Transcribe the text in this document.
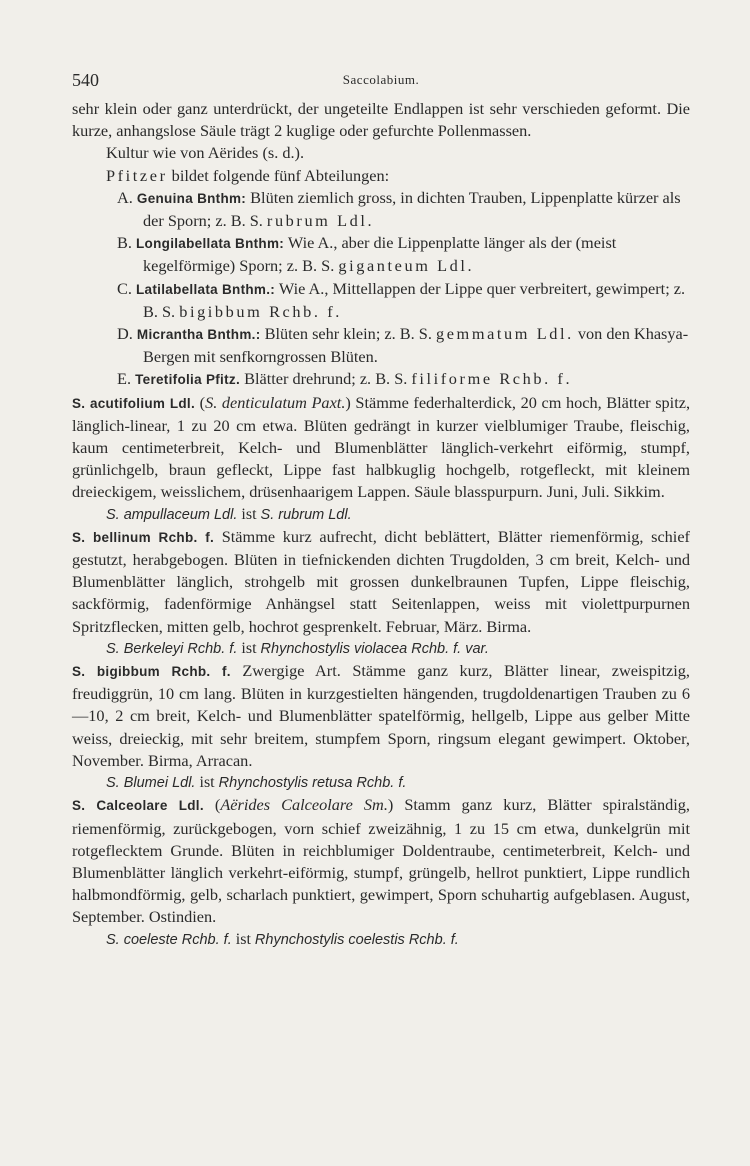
540	Saccolabium.
sehr klein oder ganz unterdrückt, der ungeteilte Endlappen ist sehr verschieden geformt. Die kurze, anhangslose Säule trägt 2 kuglige oder gefurchte Pollenmassen.
Kultur wie von Aërides (s. d.).
Pfitzer bildet folgende fünf Abteilungen:
A. Genuina Bnthm: Blüten ziemlich gross, in dichten Trauben, Lippenplatte kürzer als der Sporn; z. B. S. rubrum Ldl.
B. Longilabellata Bnthm: Wie A., aber die Lippenplatte länger als der (meist kegelförmige) Sporn; z. B. S. giganteum Ldl.
C. Latilabellata Bnthm.: Wie A., Mittellappen der Lippe quer verbreitert, gewimpert; z. B. S. bigibbum Rchb. f.
D. Micrantha Bnthm.: Blüten sehr klein; z. B. S. gemmatum Ldl. von den Khasya-Bergen mit senfkorngrossen Blüten.
E. Teretifolia Pfitz. Blätter drehrund; z. B. S. filiforme Rchb. f.
S. acutifolium Ldl. (S. denticulatum Paxt.) Stämme federhalterdick, 20 cm hoch, Blätter spitz, länglich-linear, 1 zu 20 cm etwa. Blüten gedrängt in kurzer vielblumiger Traube, fleischig, kaum centimeterbreit, Kelch- und Blumenblätter länglich-verkehrt eiförmig, stumpf, grünlichgelb, braun gefleckt, Lippe fast halbkuglig hochgelb, rotgefleckt, mit kleinem dreieckigem, weisslichem, drüsenhaarigem Lappen. Säule blasspurpurn. Juni, Juli. Sikkim.
S. ampullaceum Ldl. ist S. rubrum Ldl.
S. bellinum Rchb. f. Stämme kurz aufrecht, dicht beblättert, Blätter riemenförmig, schief gestutzt, herabgebogen. Blüten in tiefnickenden dichten Trugdolden, 3 cm breit, Kelch- und Blumenblätter länglich, strohgelb mit grossen dunkelbraunen Tupfen, Lippe fleischig, sackförmig, fadenförmige Anhängsel statt Seitenlappen, weiss mit violettpurpurnen Spritzflecken, mitten gelb, hochrot gesprenkelt. Februar, März. Birma.
S. Berkeleyi Rchb. f. ist Rhynchostylis violacea Rchb. f. var.
S. bigibbum Rchb. f. Zwergige Art. Stämme ganz kurz, Blätter linear, zweispitzig, freudiggrün, 10 cm lang. Blüten in kurzgestielten hängenden, trugdoldenartigen Trauben zu 6—10, 2 cm breit, Kelch- und Blumenblätter spatelförmig, hellgelb, Lippe aus gelber Mitte weiss, dreieckig, mit sehr breitem, stumpfem Sporn, ringsum elegant gewimpert. Oktober, November. Birma, Arracan.
S. Blumei Ldl. ist Rhynchostylis retusa Rchb. f.
S. Calceolare Ldl. (Aërides Calceolare Sm.) Stamm ganz kurz, Blätter spiralständig, riemenförmig, zurückgebogen, vorn schief zweizähnig, 1 zu 15 cm etwa, dunkelgrün mit rotgeflecktem Grunde. Blüten in reichblumiger Doldentraube, centimeterbreit, Kelch- und Blumenblätter länglich verkehrt-eiförmig, stumpf, grüngelb, hellrot punktiert, Lippe rundlich halbmondförmig, gelb, scharlach punktiert, gewimpert, Sporn schuhartig aufgeblasen. August, September. Ostindien.
S. coeleste Rchb. f. ist Rhynchostylis coelestis Rchb. f.
